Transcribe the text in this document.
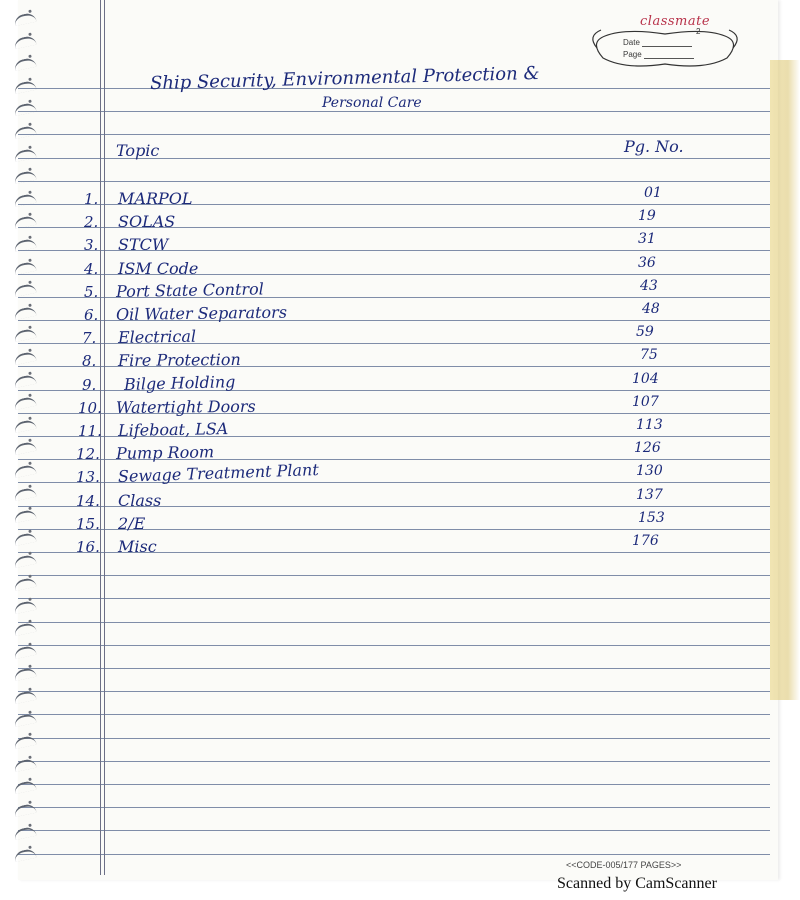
classmate
2
Date
Page
Ship Security, Environmental Protection &
Personal Care
Topic	Pg. No.
1. MARPOL	01
2. SOLAS	19
3. STCW	31
4. ISM Code	36
5. Port State Control	43
6. Oil Water Separators	48
7. Electrical	59
8. Fire Protection	75
9. Bilge Holding	104
10. Watertight Doors	107
11. Lifeboat, LSA	113
12. Pump Room	126
13. Sewage Treatment Plant	130
14. Class	137
15. 2/E	153
16. Misc	176
<<CODE-005/177 PAGES>>
Scanned by CamScanner
